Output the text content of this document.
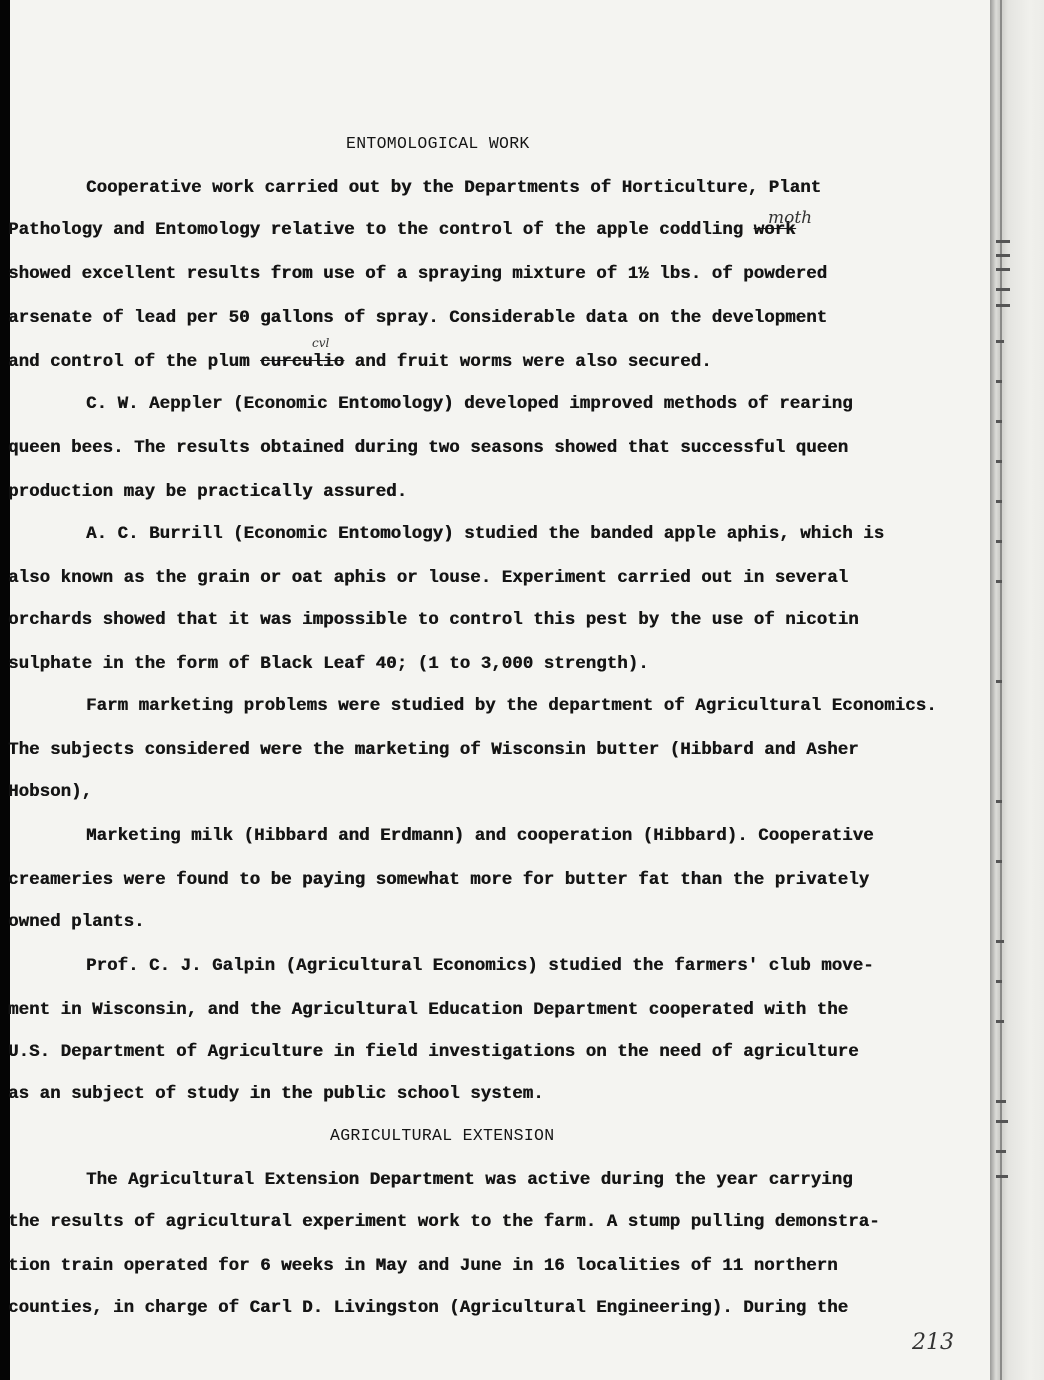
ENTOMOLOGICAL WORK
Cooperative work carried out by the Departments of Horticulture, Plant
Pathology and Entomology relative to the control of the apple coddling work
moth
showed excellent results from use of a spraying mixture of 1½ lbs. of powdered
arsenate of lead per 50 gallons of spray. Considerable data on the development
and control of the plum curculio and fruit worms were also secured.
cvl
C. W. Aeppler (Economic Entomology) developed improved methods of rearing
queen bees. The results obtained during two seasons showed that successful queen
production may be practically assured.
A. C. Burrill (Economic Entomology) studied the banded apple aphis, which is
also known as the grain or oat aphis or louse. Experiment carried out in several
orchards showed that it was impossible to control this pest by the use of nicotin
sulphate in the form of Black Leaf 40; (1 to 3,000 strength).
Farm marketing problems were studied by the department of Agricultural Economics.
The subjects considered were the marketing of Wisconsin butter (Hibbard and Asher
Hobson),
Marketing milk (Hibbard and Erdmann) and cooperation (Hibbard). Cooperative
creameries were found to be paying somewhat more for butter fat than the privately
owned plants.
Prof. C. J. Galpin (Agricultural Economics) studied the farmers' club move-
ment in Wisconsin, and the Agricultural Education Department cooperated with the
U.S. Department of Agriculture in field investigations on the need of agriculture
as an subject of study in the public school system.
AGRICULTURAL EXTENSION
The Agricultural Extension Department was active during the year carrying
the results of agricultural experiment work to the farm. A stump pulling demonstra-
tion train operated for 6 weeks in May and June in 16 localities of 11 northern
counties, in charge of Carl D. Livingston (Agricultural Engineering). During the
213
